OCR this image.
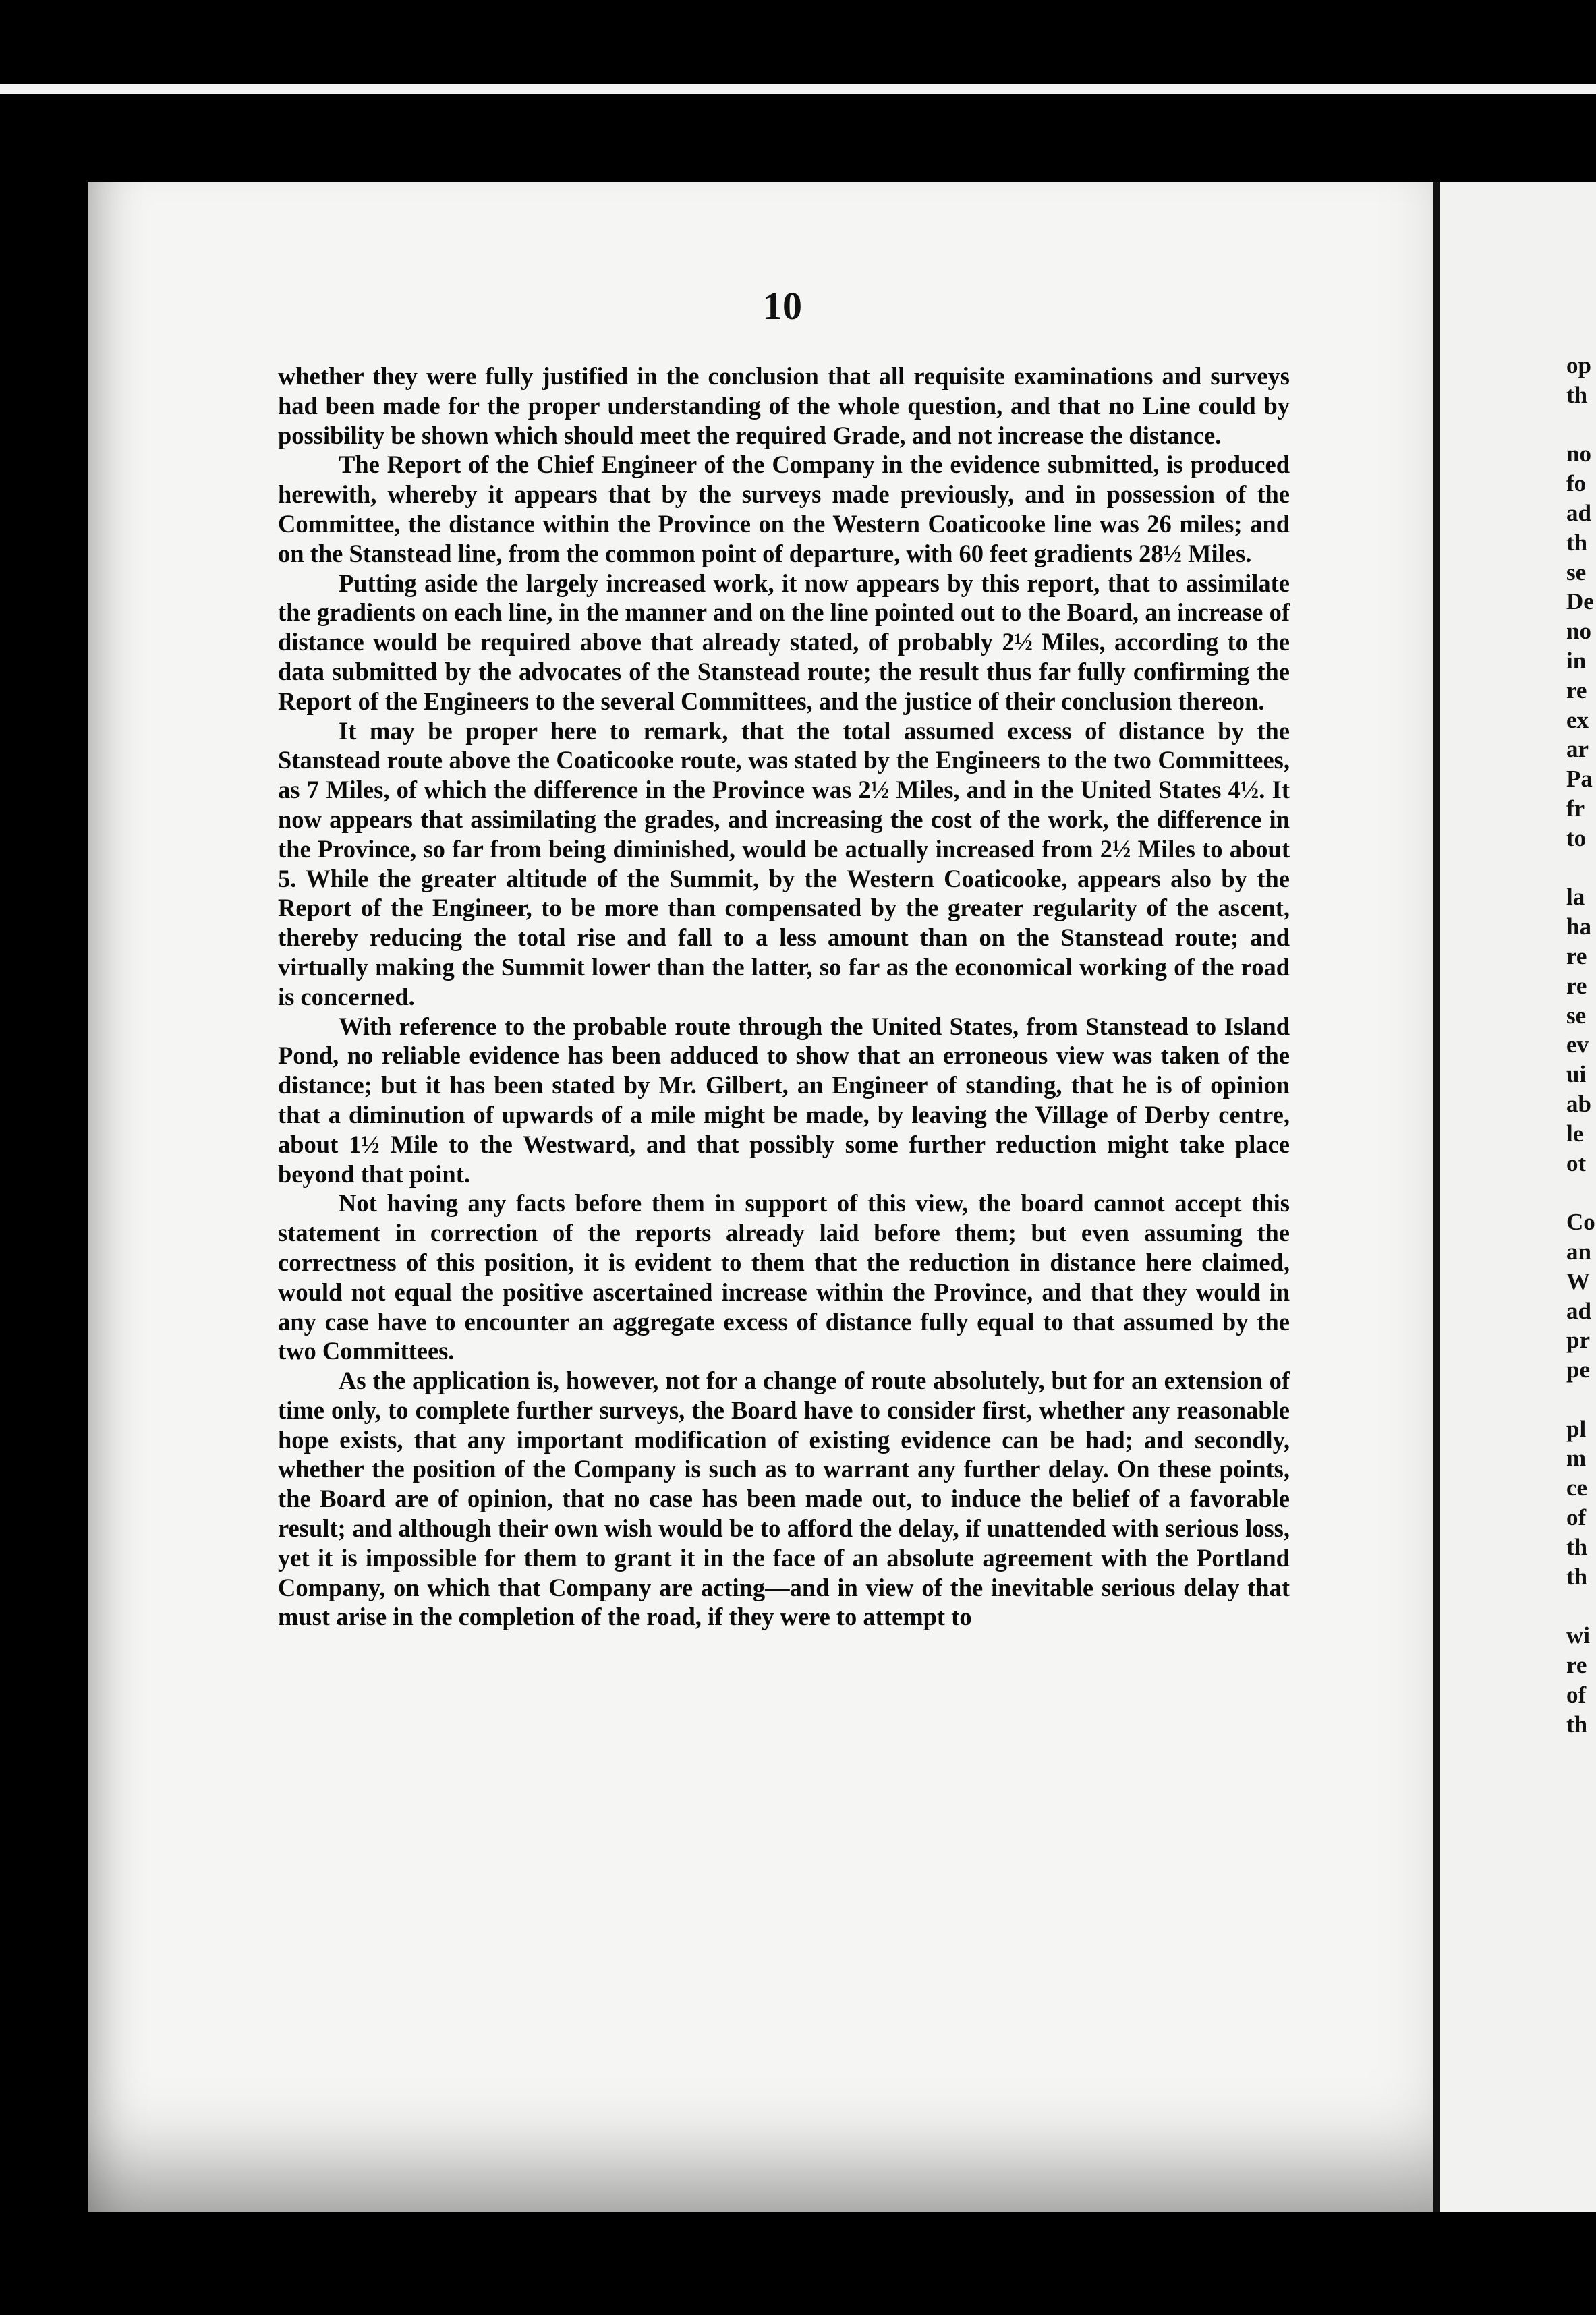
10

whether they were fully justified in the conclusion that all requisite examinations and surveys had been made for the proper understanding of the whole question, and that no Line could by possibility be shown which should meet the required Grade, and not increase the distance.

The Report of the Chief Engineer of the Company in the evidence submitted, is produced herewith, whereby it appears that by the surveys made previously, and in possession of the Committee, the distance within the Province on the Western Coaticooke line was 26 miles; and on the Stanstead line, from the common point of departure, with 60 feet gradients 28½ Miles.

Putting aside the largely increased work, it now appears by this report, that to assimilate the gradients on each line, in the manner and on the line pointed out to the Board, an increase of distance would be required above that already stated, of probably 2½ Miles, according to the data submitted by the advocates of the Stanstead route; the result thus far fully confirming the Report of the Engineers to the several Committees, and the justice of their conclusion thereon.

It may be proper here to remark, that the total assumed excess of distance by the Stanstead route above the Coaticooke route, was stated by the Engineers to the two Committees, as 7 Miles, of which the difference in the Province was 2½ Miles, and in the United States 4½. It now appears that assimilating the grades, and increasing the cost of the work, the difference in the Province, so far from being diminished, would be actually increased from 2½ Miles to about 5. While the greater altitude of the Summit, by the Western Coaticooke, appears also by the Report of the Engineer, to be more than compensated by the greater regularity of the ascent, thereby reducing the total rise and fall to a less amount than on the Stanstead route; and virtually making the Summit lower than the latter, so far as the economical working of the road is concerned.

With reference to the probable route through the United States, from Stanstead to Island Pond, no reliable evidence has been adduced to show that an erroneous view was taken of the distance; but it has been stated by Mr. Gilbert, an Engineer of standing, that he is of opinion that a diminution of upwards of a mile might be made, by leaving the Village of Derby centre, about 1½ Mile to the Westward, and that possibly some further reduction might take place beyond that point.

Not having any facts before them in support of this view, the board cannot accept this statement in correction of the reports already laid before them; but even assuming the correctness of this position, it is evident to them that the reduction in distance here claimed, would not equal the positive ascertained increase within the Province, and that they would in any case have to encounter an aggregate excess of distance fully equal to that assumed by the two Committees.

As the application is, however, not for a change of route absolutely, but for an extension of time only, to complete further surveys, the Board have to consider first, whether any reasonable hope exists, that any important modification of existing evidence can be had; and secondly, whether the position of the Company is such as to warrant any further delay. On these points, the Board are of opinion, that no case has been made out, to induce the belief of a favorable result; and although their own wish would be to afford the delay, if unattended with serious loss, yet it is impossible for them to grant it in the face of an absolute agreement with the Portland Company, on which that Company are acting—and in view of the inevitable serious delay that must arise in the completion of the road, if they were to attempt to

op
th
no
fo
ad
th
se
De
no
in
re
ex
ar
Pa
fr
to
la
ha
re
re
se
ev
ui
ab
le
ot
Co
an
W
ad
pr
pe
pl
m
ce
of
th
th
wi
re
of
th
